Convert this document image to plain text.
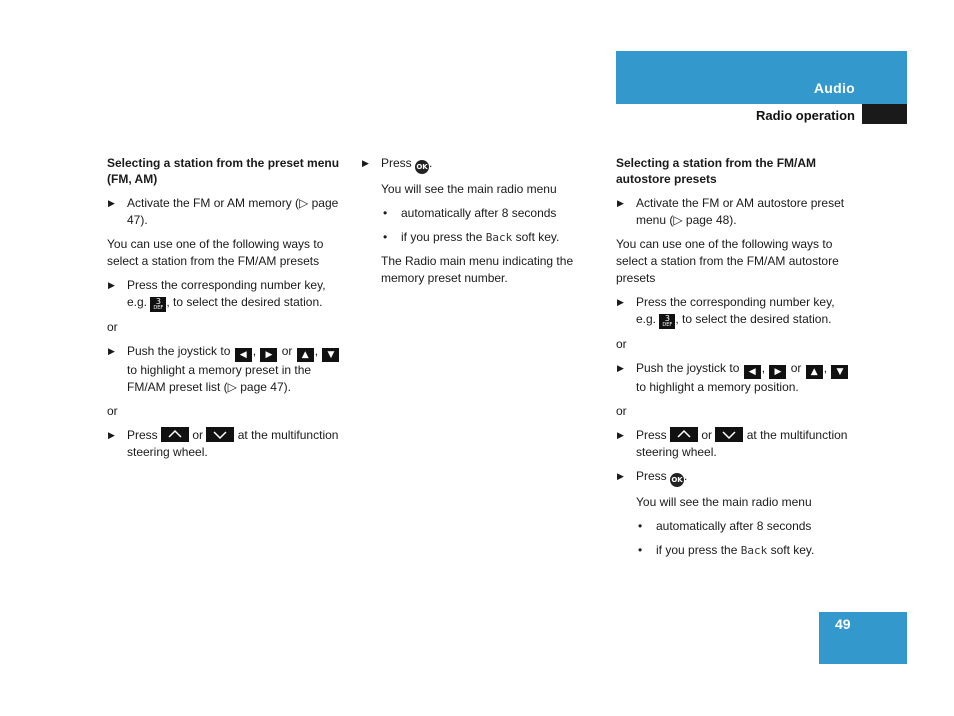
Audio
Radio operation
Selecting a station from the preset menu (FM, AM)
▶ Activate the FM or AM memory (▷ page 47).
You can use one of the following ways to select a station from the FM/AM presets
▶ Press the corresponding number key, e.g. 3
DEF , to select the desired station.
or
▶ Push the joystick to ◀ , ▶ or ▲ , ▼ to highlight a memory preset in the FM/AM preset list (▷ page 47).
or
▶ Press	or	at the multifunction steering wheel.
▶ Press OK.
You will see the main radio menu
• automatically after 8 seconds
• if you press the Back soft key.
The Radio main menu indicating the memory preset number.
Selecting a station from the FM/AM autostore presets
▶ Activate the FM or AM autostore preset menu (▷ page 48).
You can use one of the following ways to select a station from the FM/AM autostore presets
▶ Press the corresponding number key, e.g. 3
DEF , to select the desired station.
or
▶ Push the joystick to ◀ , ▶ or ▲ , ▼ to highlight a memory position.
or
▶ Press	or	at the multifunction steering wheel.
▶ Press OK.
You will see the main radio menu
• automatically after 8 seconds
• if you press the Back soft key.
49
